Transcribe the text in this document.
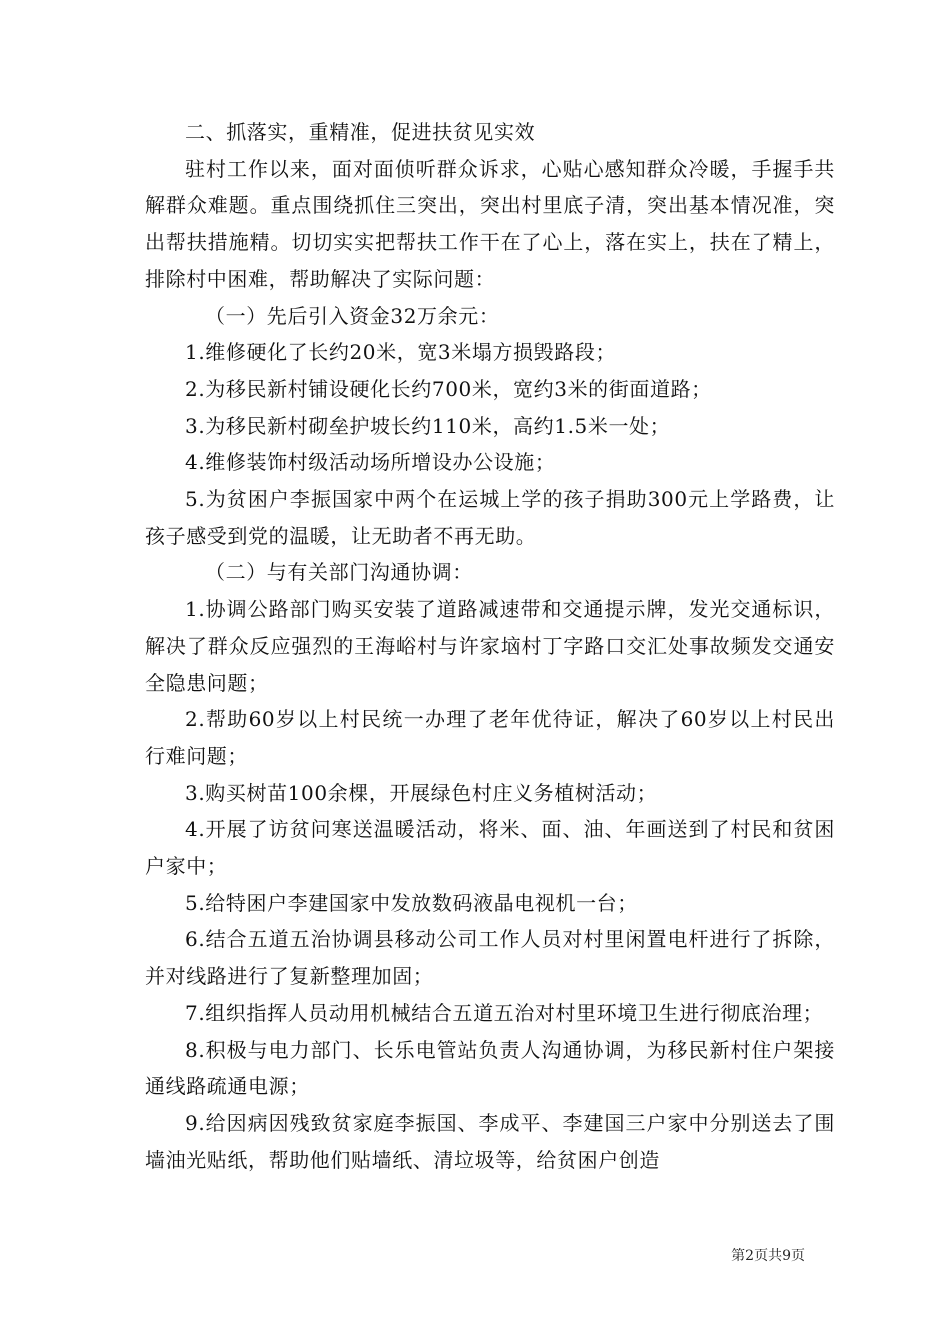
二、抓落实，重精准，促进扶贫见实效

驻村工作以来，面对面侦听群众诉求，心贴心感知群众冷暖，手握手共解群众难题。重点围绕抓住三突出，突出村里底子清，突出基本情况准，突出帮扶措施精。切切实实把帮扶工作干在了心上，落在实上，扶在了精上，排除村中困难，帮助解决了实际问题：

（一）先后引入资金32万余元：

1.维修硬化了长约20米，宽3米塌方损毁路段；

2.为移民新村铺设硬化长约700米，宽约3米的街面道路；

3.为移民新村砌垒护坡长约110米，高约1.5米一处；

4.维修装饰村级活动场所增设办公设施；

5.为贫困户李振国家中两个在运城上学的孩子捐助300元上学路费，让孩子感受到党的温暖，让无助者不再无助。

（二）与有关部门沟通协调：

1.协调公路部门购买安装了道路减速带和交通提示牌，发光交通标识，解决了群众反应强烈的王海峪村与许家垴村丁字路口交汇处事故频发交通安全隐患问题；

2.帮助60岁以上村民统一办理了老年优待证，解决了60岁以上村民出行难问题；

3.购买树苗100余棵，开展绿色村庄义务植树活动；

4.开展了访贫问寒送温暖活动，将米、面、油、年画送到了村民和贫困户家中；

5.给特困户李建国家中发放数码液晶电视机一台；

6.结合五道五治协调县移动公司工作人员对村里闲置电杆进行了拆除，并对线路进行了复新整理加固；

7.组织指挥人员动用机械结合五道五治对村里环境卫生进行彻底治理；

8.积极与电力部门、长乐电管站负责人沟通协调，为移民新村住户架接通线路疏通电源；

9.给因病因残致贫家庭李振国、李成平、李建国三户家中分别送去了围墙油光贴纸，帮助他们贴墙纸、清垃圾等，给贫困户创造

第2页共9页
